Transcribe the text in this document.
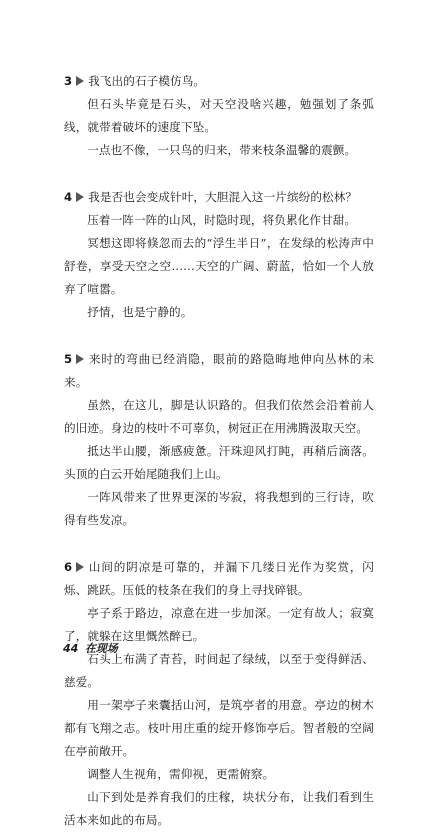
3 我飞出的石子模仿鸟。

但石头毕竟是石头，对天空没啥兴趣，勉强划了条弧线，就带着破坏的速度下坠。

一点也不像，一只鸟的归来，带来枝条温馨的震颤。

4 我是否也会变成针叶，大胆混入这一片缤纷的松林？

压着一阵一阵的山风，时隐时现，将负累化作甘甜。

冥想这即将倏忽而去的“浮生半日”，在发绿的松涛声中舒卷，享受天空之空……天空的广阔、蔚蓝，恰如一个人放弃了喧嚣。

抒情，也是宁静的。

5 来时的弯曲已经消隐，眼前的路隐晦地伸向丛林的未来。

虽然，在这儿，脚是认识路的。但我们依然会沿着前人的旧迹。身边的枝叶不可辜负，树冠正在用沸腾汲取天空。

抵达半山腰，渐感疲惫。汗珠迎风打盹，再稍后滴落。头顶的白云开始尾随我们上山。

一阵风带来了世界更深的岑寂，将我想到的三行诗，吹得有些发凉。

6 山间的阴凉是可靠的，并漏下几缕日光作为奖赏，闪烁、跳跃。压低的枝条在我们的身上寻找碎银。

亭子系于路边，凉意在进一步加深。一定有故人；寂寞了，就躲在这里慨然醉已。

石头上布满了青苔，时间起了绿绒，以至于变得鲜活、慈爱。

用一架亭子来囊括山河，是筑亭者的用意。亭边的树木都有飞翔之志。枝叶用庄重的绽开修饰亭后。智者般的空阔在亭前敞开。

调整人生视角，需仰视，更需俯察。

山下到处是养育我们的庄稼，块状分布，让我们看到生活本来如此的布局。

44 在现场
